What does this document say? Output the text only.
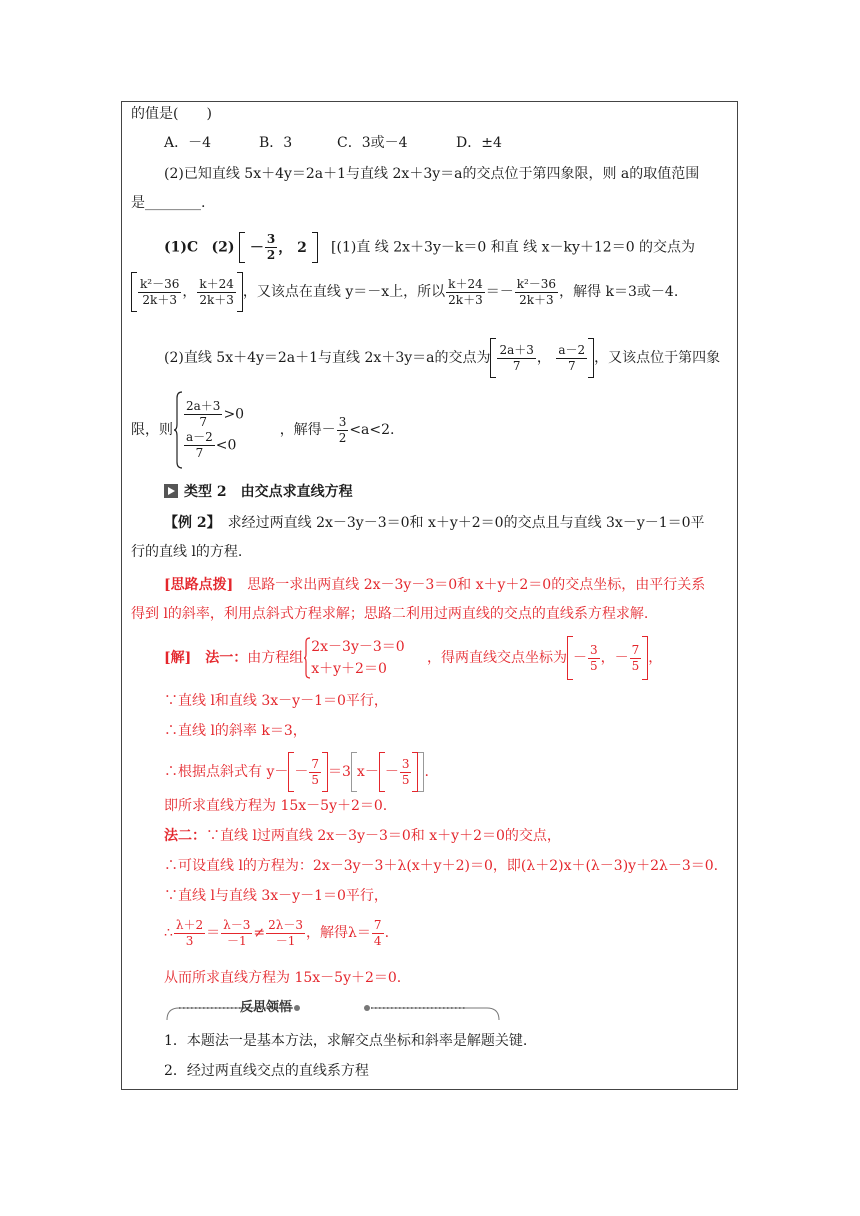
的值是(　　)
A．－4	B．3	C．3或－4	D．±4
(2)已知直线 5x＋4y＝2a＋1与直线 2x＋3y＝a的交点位于第四象限，则 a的取值范围
是________.
(1)C (2)
－
3
2 ， 2
[(1)直 线 2x＋3y－k＝0 和直 线 x－ky＋12＝0 的交点为
k²－36
2k＋3 ，
k＋24
2k＋3 ，又该点在直线 y＝－x上，所以 $\frac{k+24}{2k+3} =- \frac{\text{k²－36}}{2k+3}$ ，解得 k＝3或－4.
(2)直线 5x＋4y＝2a＋1与直线 2x＋3y＝a的交点为
2a＋3
7 ，
a－2
7 ，又该点位于第四象
限，则 $\frac{2a+3}{7} >0$
$\frac{a-2}{7} <0$
，解得－ $\frac{3}{2} <a<2$.
类型 2　由交点求直线方程
【例 2】　求经过两直线 2x－3y－3＝0和 x＋y＋2＝0的交点且与直线 3x－y－1＝0平
行的直线 l的方程.
[思路点拨]　思路一求出两直线 2x－3y－3＝0和 x＋y＋2＝0的交点坐标，由平行关系
得到 l的斜率，利用点斜式方程求解；思路二利用过两直线的交点的直线系方程求解.
[解]　法一：由方程组
2x－3y－3＝0
x＋y＋2＝0
，得两直线交点坐标为 －
3
5 ，－
7
5 ，
∵直线 l和直线 3x－y－1＝0平行，
∴直线 l的斜率 k＝3，
∴根据点斜式有 y－ －
7
5 ＝3 x－ －
3
5 .
即所求直线方程为 15x－5y＋2＝0.
法二：∵直线 l过两直线 2x－3y－3＝0和 x＋y＋2＝0的交点，
∴可设直线 l的方程为：2x－3y－3＋λ(x＋y＋2)＝0，即(λ＋2)x＋(λ－3)y＋2λ－3＝0.
∵直线 l与直线 3x－y－1＝0平行，
∴ $\frac{\lambda+2}{3} = \frac{\lambda-3}{-1} \ne \frac{2\lambda-3}{-1}$ ，解得$\lambda= \frac{7}{4}$ .
从而所求直线方程为 15x－5y＋2＝0.
反思领悟
1．本题法一是基本方法，求解交点坐标和斜率是解题关键.
2．经过两直线交点的直线系方程
